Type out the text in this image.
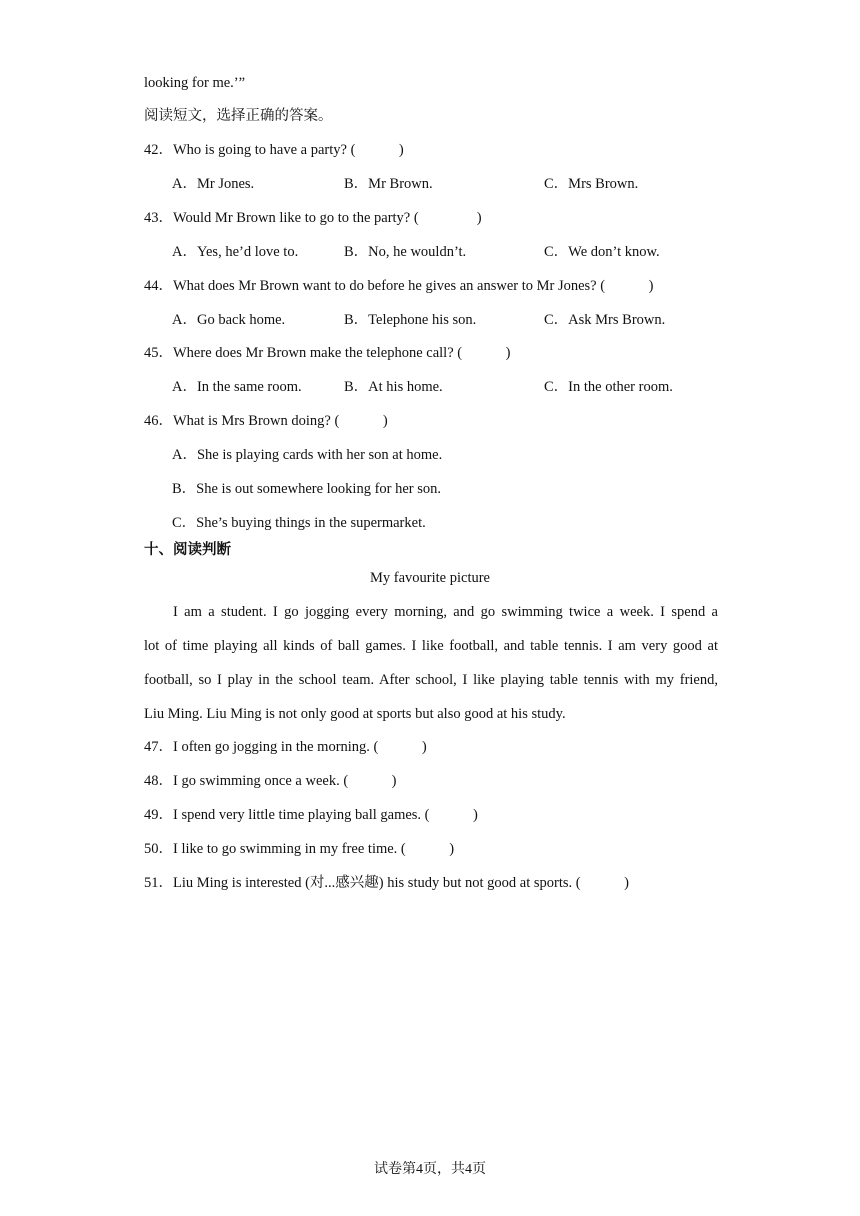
looking for me.’”
阅读短文，选择正确的答案。
42．Who is going to have a party? (　　　)
A．Mr Jones.	B．Mr Brown.	C．Mrs Brown.
43．Would Mr Brown like to go to the party? (　　　　)
A．Yes, he’d love to.	B．No, he wouldn’t.	C．We don’t know.
44．What does Mr Brown want to do before he gives an answer to Mr Jones? (　　　)
A．Go back home.	B．Telephone his son.	C．Ask Mrs Brown.
45．Where does Mr Brown make the telephone call? (　　　)
A．In the same room.	B．At his home.	C．In the other room.
46．What is Mrs Brown doing? (　　　)
A．She is playing cards with her son at home.
B．She is out somewhere looking for her son.
C．She’s buying things in the supermarket.
十、阅读判断
My favourite picture
I am a student. I go jogging every morning, and go swimming twice a week. I spend a
lot of time playing all kinds of ball games. I like football, and table tennis. I am very good at
football, so I play in the school team. After school, I like playing table tennis with my friend,
Liu Ming. Liu Ming is not only good at sports but also good at his study.
47．I often go jogging in the morning. (　　　)
48．I go swimming once a week. (　　　)
49．I spend very little time playing ball games. (　　　)
50．I like to go swimming in my free time. (　　　)
51．Liu Ming is interested (对...感兴趣) his study but not good at sports. (　　　)
试卷第4页，共4页
